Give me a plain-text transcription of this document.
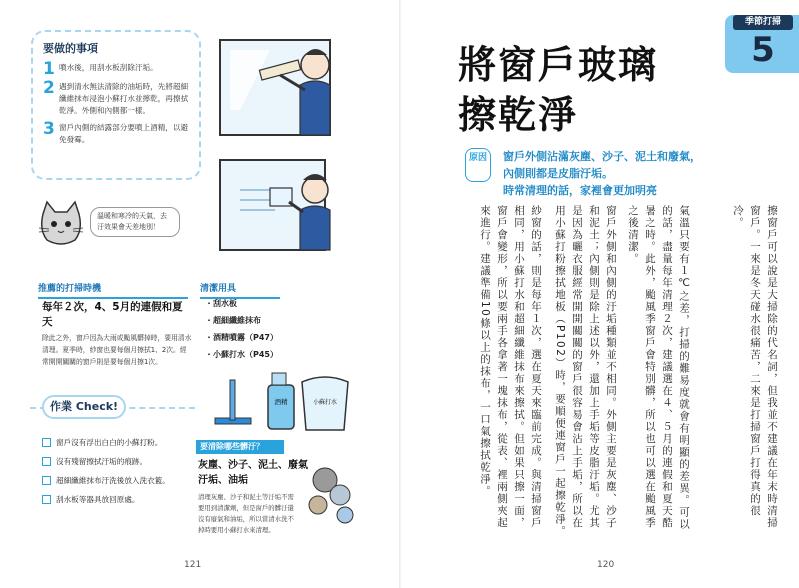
要做的事項
1 噴水後，用刮水板刮除汙垢。
2 遇到清水無法清除的油垢時，先將超細纖維抹布浸泡小蘇打水並擰乾，再擦拭乾淨。外側和內側都一樣。
3 窗戶內側的結露部分要噴上酒精，以避免發霉。
溫暖和寒冷的天氣，去汙效果會天差地別！
推薦的打掃時機
每年２次，4、5月的連假和夏天
除此之外，窗戶因為大雨或颱風髒掉時，要用清水清理。夏季時，紗窗也要每個月擦拭1、2次。經常開開關關的窗戶則是要每個月擦1次。
清潔用具
・刮水板
・超細纖維抹布
・酒精噴霧（P47）
・小蘇打水（P45）
酒精	小蘇打水
作業 Check!
窗戶沒有浮出白白的小蘇打粉。
沒有殘留擦拭汙垢的痕跡。
超細纖維抹布汙洗後放入洗衣籃。
刮水板等器具放回原處。
要清除哪些髒汙？
灰塵、沙子、泥土、廢氣汙垢、油垢
清理灰塵、沙子和泥土等汙垢不需要用到清潔劑，但是窗戶的髒汙還沒有廢氣和油垢，所以當清水洗不掉時要用小蘇打水來清理。
121
季節打掃
5
將窗戶玻璃
擦乾淨
原因	窗戶外側沾滿灰塵、沙子、泥土和廢氣，
內側則都是皮脂汙垢。
時常清理的話，家裡會更加明亮
擦窗戶可以說是大掃除的代名詞，但我並不建議在年末時清掃窗戶。一來是冬天碰水很痛苦，二來是打掃窗戶打得真的很冷。
氣溫只要有１℃之差，打掃的難易度就會有明顯的差異。可以的話，盡量每年清理２次，建議選在４、５月的連假和夏天酷暑之時。此外，颱風季窗戶會特別髒，所以也可以選在颱風季之後清潔。
窗戶外側和內側的汙垢種類並不相同。外側主要是灰塵、沙子和泥土；內側則是除上述以外，還加上手垢等皮脂汙垢。尤其是因為曬衣服經常開開關關的窗戶很容易會沾上手垢，所以在用小蘇打粉擦拭地板（P102）時，要順便連窗戶一起擦乾淨。
紗窗的話，則是每年１次，選在夏天來臨前完成。與清掃窗戶相同，用小蘇打水和超細纖維抹布來擦拭。但如果只擦一面，窗戶會變形，所以要兩手各拿著一塊抹布，從表、裡兩側夾起來進行。建議準備10條以上的抹布，一口氣擦拭乾淨。
120
